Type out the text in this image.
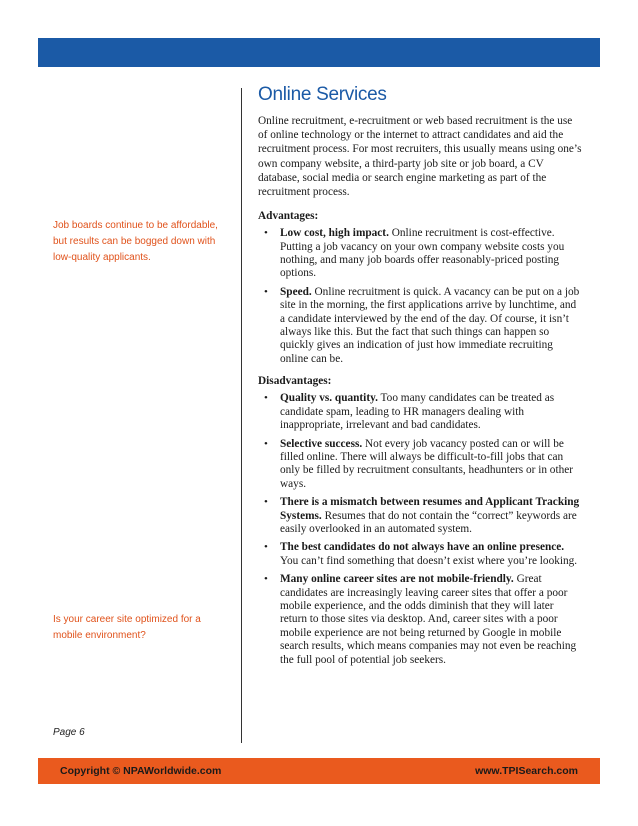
Job boards continue to be affordable, but results can be bogged down with low-quality applicants.
Is your career site optimized for a mobile environment?
Page 6
Online Services

Online recruitment, e-recruitment or web based recruitment is the use of online technology or the internet to attract candidates and aid the recruitment process. For most recruiters, this usually means using one’s own company website, a third-party job site or job board, a CV database, social media or search engine marketing as part of the recruitment process.

Advantages:
• Low cost, high impact. Online recruitment is cost-effective. Putting a job vacancy on your own company website costs you nothing, and many job boards offer reasonably-priced posting options.
• Speed. Online recruitment is quick. A vacancy can be put on a job site in the morning, the first applications arrive by lunchtime, and a candidate interviewed by the end of the day. Of course, it isn’t always like this. But the fact that such things can happen so quickly gives an indication of just how immediate recruiting online can be.
Disadvantages:
• Quality vs. quantity. Too many candidates can be treated as candidate spam, leading to HR managers dealing with inappropriate, irrelevant and bad candidates.
• Selective success. Not every job vacancy posted can or will be filled online. There will always be difficult-to-fill jobs that can only be filled by recruitment consultants, headhunters or in other ways.
• There is a mismatch between resumes and Applicant Tracking Systems. Resumes that do not contain the “correct” keywords are easily overlooked in an automated system.
• The best candidates do not always have an online presence. You can’t find something that doesn’t exist where you’re looking.
• Many online career sites are not mobile-friendly. Great candidates are increasingly leaving career sites that offer a poor mobile experience, and the odds diminish that they will later return to those sites via desktop. And, career sites with a poor mobile experience are not being returned by Google in mobile search results, which means companies may not even be reaching the full pool of potential job seekers.
Copyright © NPAWorldwide.com	www.TPISearch.com
